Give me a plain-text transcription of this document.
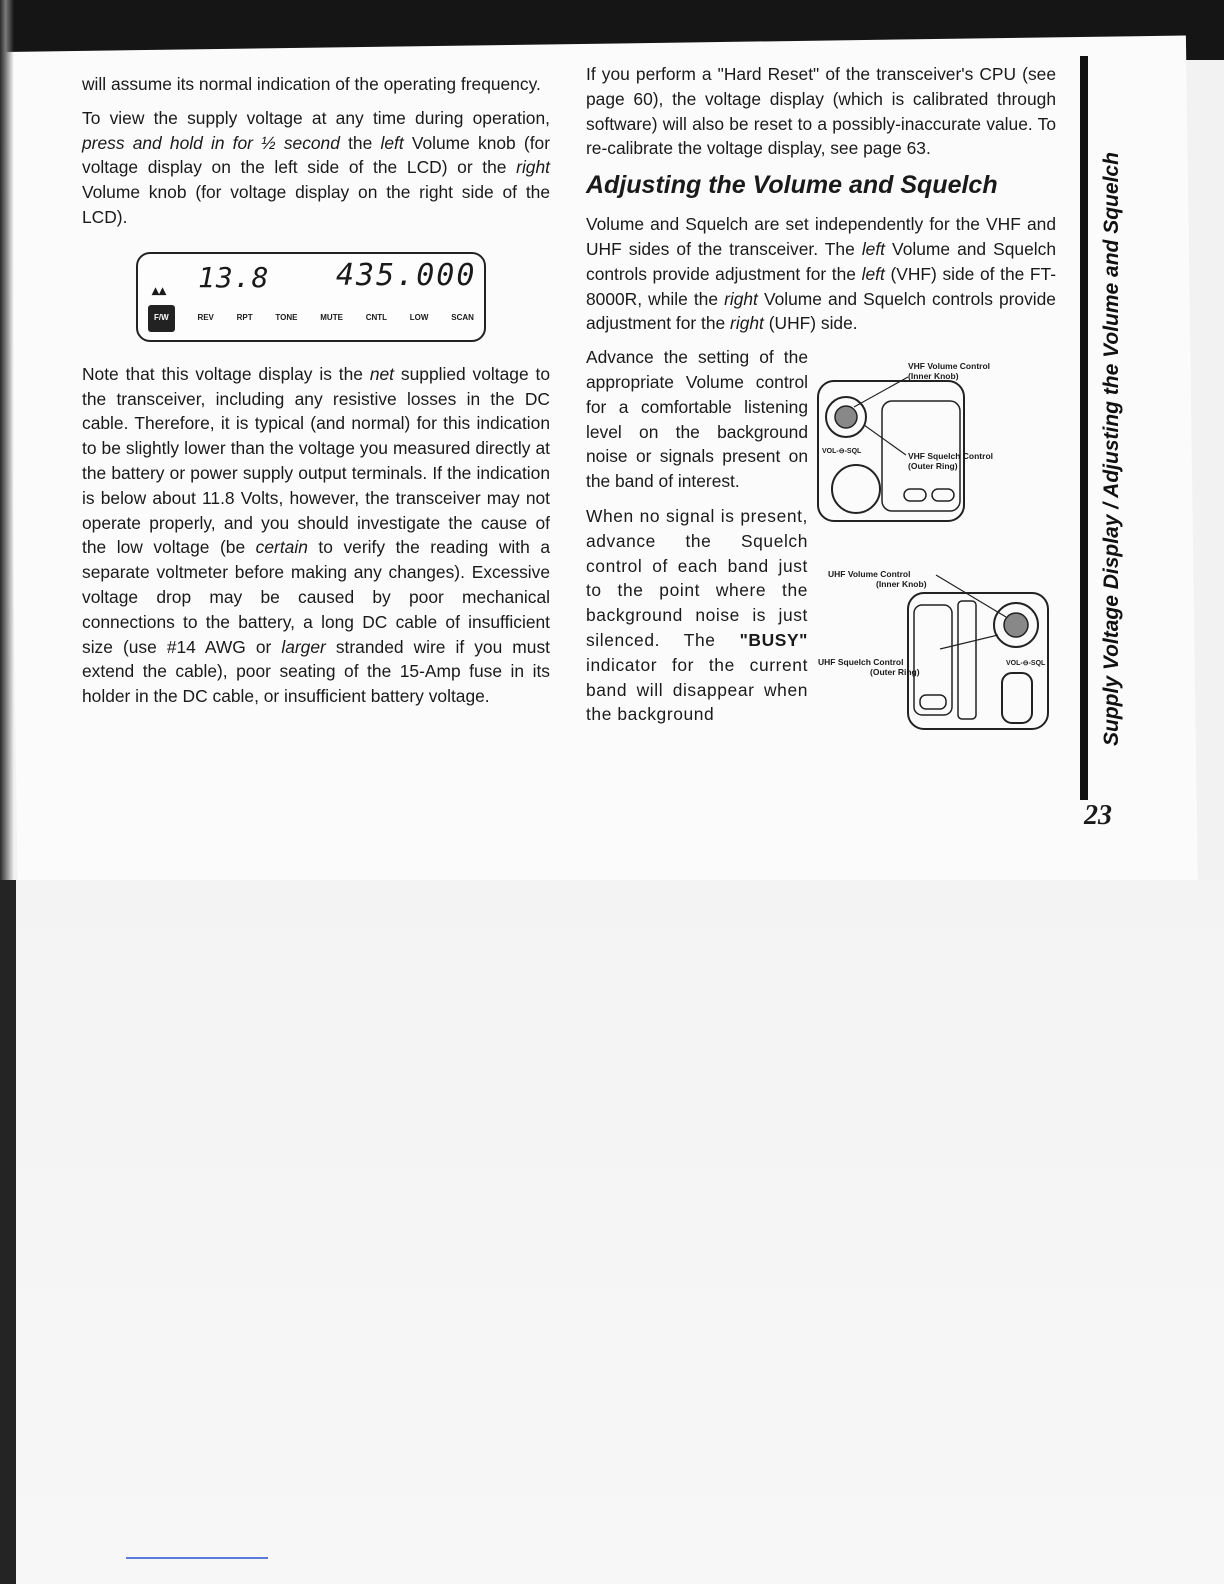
will assume its normal indication of the operating frequency.

To view the supply voltage at any time during operation, press and hold in for ½ second the left Volume knob (for voltage display on the left side of the LCD) or the right Volume knob (for voltage display on the right side of the LCD).

▴▴ 13.8 435.000
F/W	REV	RPT	TONE	MUTE	CNTL	LOW	SCAN

Note that this voltage display is the net supplied voltage to the transceiver, including any resistive losses in the DC cable. Therefore, it is typical (and normal) for this indication to be slightly lower than the voltage you measured directly at the battery or power supply output terminals. If the indication is below about 11.8 Volts, however, the transceiver may not operate properly, and you should investigate the cause of the low voltage (be certain to verify the reading with a separate voltmeter before making any changes). Excessive voltage drop may be caused by poor mechanical connections to the battery, a long DC cable of insufficient size (use #14 AWG or larger stranded wire if you must extend the cable), poor seating of the 15-Amp fuse in its holder in the DC cable, or insufficient battery voltage.

If you perform a "Hard Reset" of the transceiver's CPU (see page 60), the voltage display (which is calibrated through software) will also be reset to a possibly-inaccurate value. To re-calibrate the voltage display, see page 63.

Adjusting the Volume and Squelch

Volume and Squelch are set independently for the VHF and UHF sides of the transceiver. The left Volume and Squelch controls provide adjustment for the left (VHF) side of the FT-8000R, while the right Volume and Squelch controls provide adjustment for the right (UHF) side.

Advance the setting of the appropriate Volume control for a comfortable listening level on the background noise or signals present on the band of interest.

When no signal is present, advance the Squelch control of each band just to the point where the background noise is just silenced. The "BUSY" indicator for the current band will disappear when the background

VHF Volume Control
(Inner Knob)
VHF Squelch Control
(Outer Ring)
VOL-⊖-SQL
UHF Volume Control
(Inner Knob)
UHF Squelch Control
(Outer Ring)
VOL-⊖-SQL	Supply Voltage Display / Adjusting the Volume and Squelch
23
